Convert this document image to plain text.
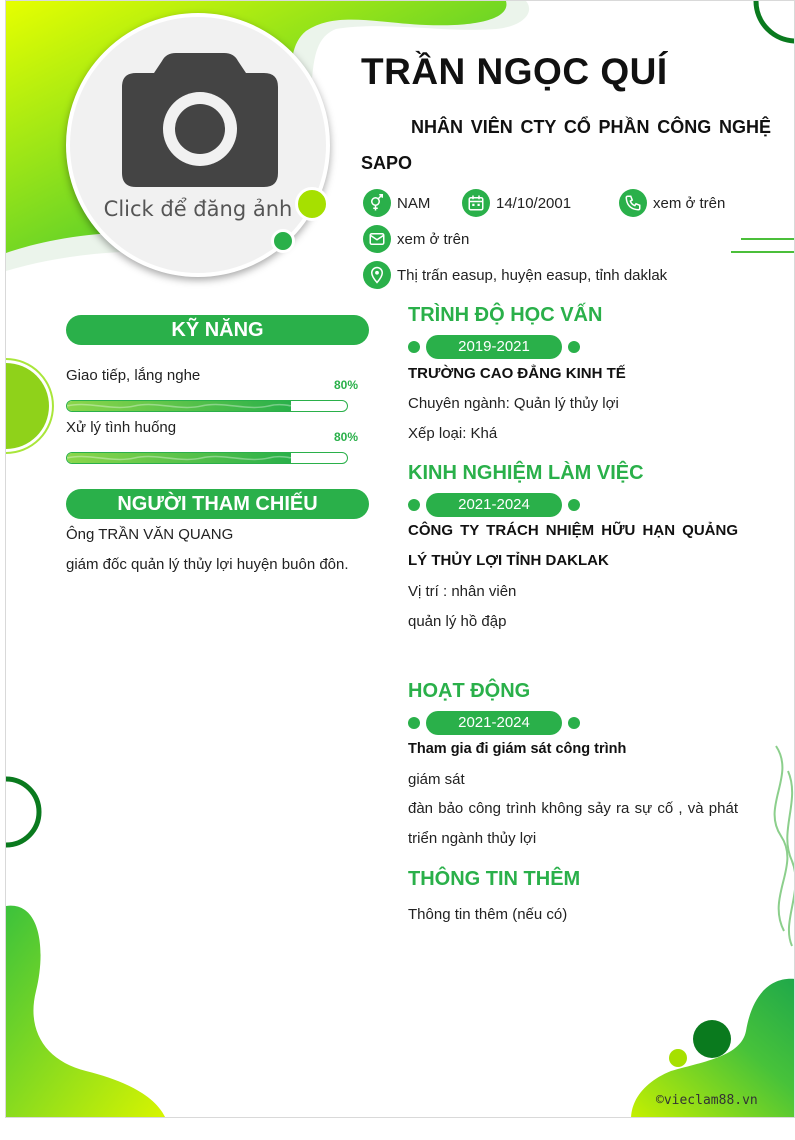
Click để đăng ảnh
TRẦN NGỌC QUÍ
NHÂN VIÊN CTY CỔ PHẦN CÔNG NGHỆ SAPO
NAM	14/10/2001	xem ở trên
xem ở trên
Thị trấn easup, huyện easup, tỉnh daklak
KỸ NĂNG
Giao tiếp, lắng nghe
80%
Xử lý tình huống
80%
NGƯỜI THAM CHIẾU
Ông TRẦN VĂN QUANG
giám đốc quản lý thủy lợi huyện buôn đôn.
TRÌNH ĐỘ HỌC VẤN
2019-2021
TRƯỜNG CAO ĐẲNG KINH TẾ
Chuyên ngành: Quản lý thủy lợi
Xếp loại: Khá
KINH NGHIỆM LÀM VIỆC
2021-2024
CÔNG TY TRÁCH NHIỆM HỮU HẠN QUẢNG LÝ THỦY LỢI TỈNH DAKLAK
Vị trí : nhân viên
quản lý hồ đập
HOẠT ĐỘNG
2021-2024
Tham gia đi giám sát công trình
giám sát
đàn bảo công trình không sảy ra sự cố , và phát triển ngành thủy lợi
THÔNG TIN THÊM
Thông tin thêm (nếu có)
©vieclam88.vn
